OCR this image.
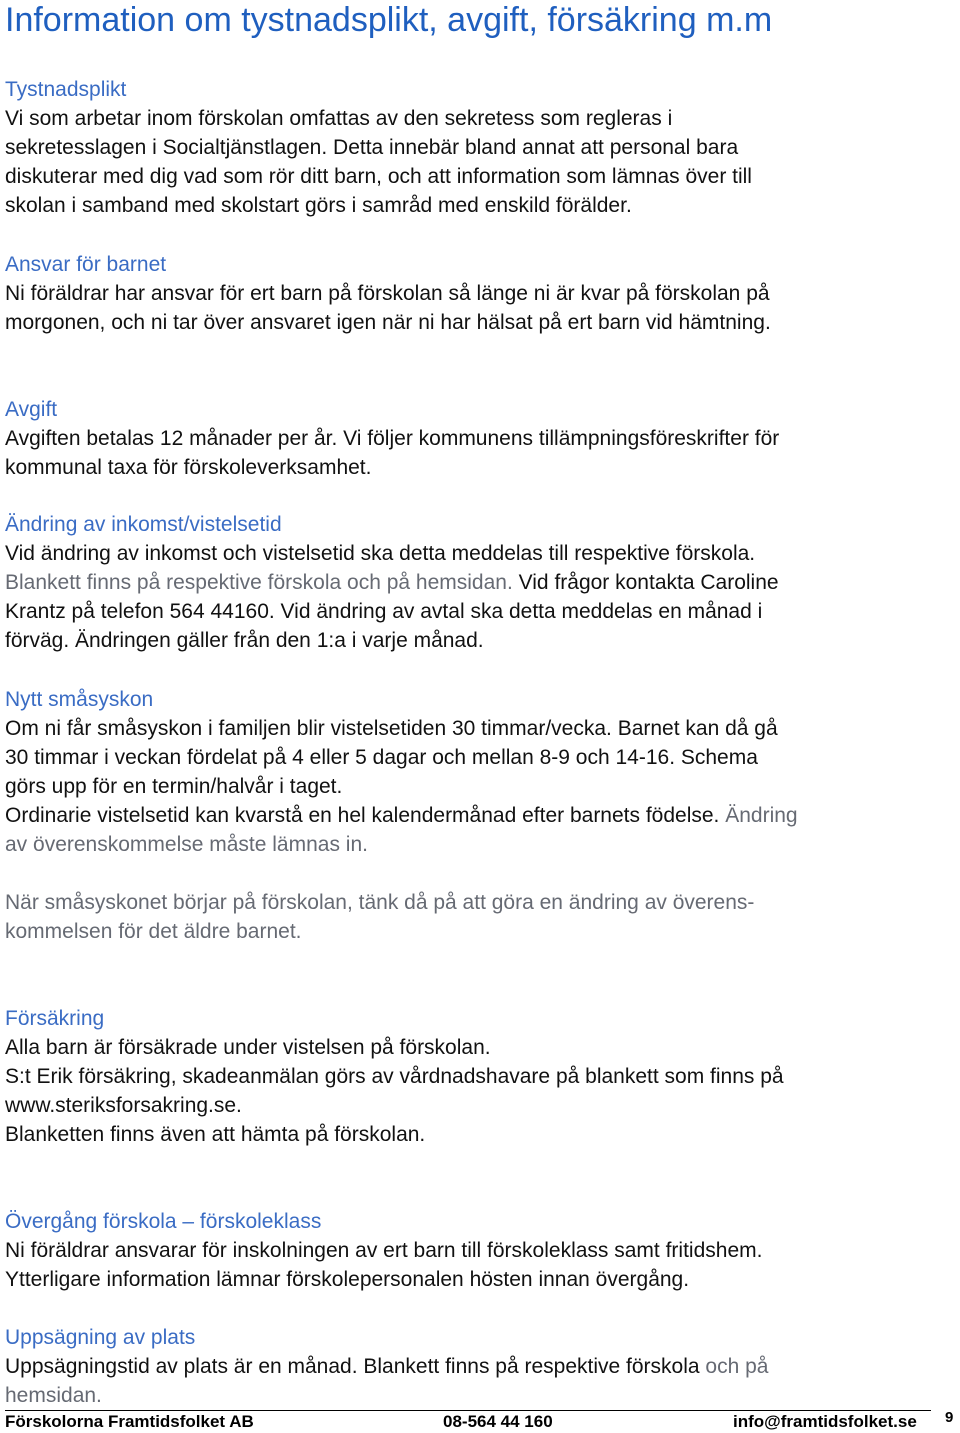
Information om tystnadsplikt, avgift, försäkring m.m
Tystnadsplikt

Vi som arbetar inom förskolan omfattas av den sekretess som regleras i

sekretesslagen i Socialtjänstlagen. Detta innebär bland annat att personal bara

diskuterar med dig vad som rör ditt barn, och att information som lämnas över till

skolan i samband med skolstart görs i samråd med enskild förälder.

Ansvar för barnet

Ni föräldrar har ansvar för ert barn på förskolan så länge ni är kvar på förskolan på

morgonen, och ni tar över ansvaret igen när ni har hälsat på ert barn vid hämtning.

Avgift

Avgiften betalas 12 månader per år. Vi följer kommunens tillämpningsföreskrifter för

kommunal taxa för förskoleverksamhet.

Ändring av inkomst/vistelsetid

Vid ändring av inkomst och vistelsetid ska detta meddelas till respektive förskola.

Blankett finns på respektive förskola och på hemsidan. Vid frågor kontakta Caroline

Krantz på telefon 564 44160. Vid ändring av avtal ska detta meddelas en månad i

förväg. Ändringen gäller från den 1:a i varje månad.

Nytt småsyskon

Om ni får småsyskon i familjen blir vistelsetiden 30 timmar/vecka. Barnet kan då gå

30 timmar i veckan fördelat på 4 eller 5 dagar och mellan 8-9 och 14-16. Schema

görs upp för en termin/halvår i taget.

Ordinarie vistelsetid kan kvarstå en hel kalendermånad efter barnets födelse. Ändring

av överenskommelse måste lämnas in.

När småsyskonet börjar på förskolan, tänk då på att göra en ändring av överens-

kommelsen för det äldre barnet.

Försäkring

Alla barn är försäkrade under vistelsen på förskolan.

S:t Erik försäkring, skadeanmälan görs av vårdnadshavare på blankett som finns på

www.steriksforsakring.se.

Blanketten finns även att hämta på förskolan.

Övergång förskola – förskoleklass

Ni föräldrar ansvarar för inskolningen av ert barn till förskoleklass samt fritidshem.

Ytterligare information lämnar förskolepersonalen hösten innan övergång.

Uppsägning av plats

Uppsägningstid av plats är en månad. Blankett finns på respektive förskola och på

hemsidan.

Förskolorna Framtidsfolket AB	08-564 44 160	info@framtidsfolket.se 9
